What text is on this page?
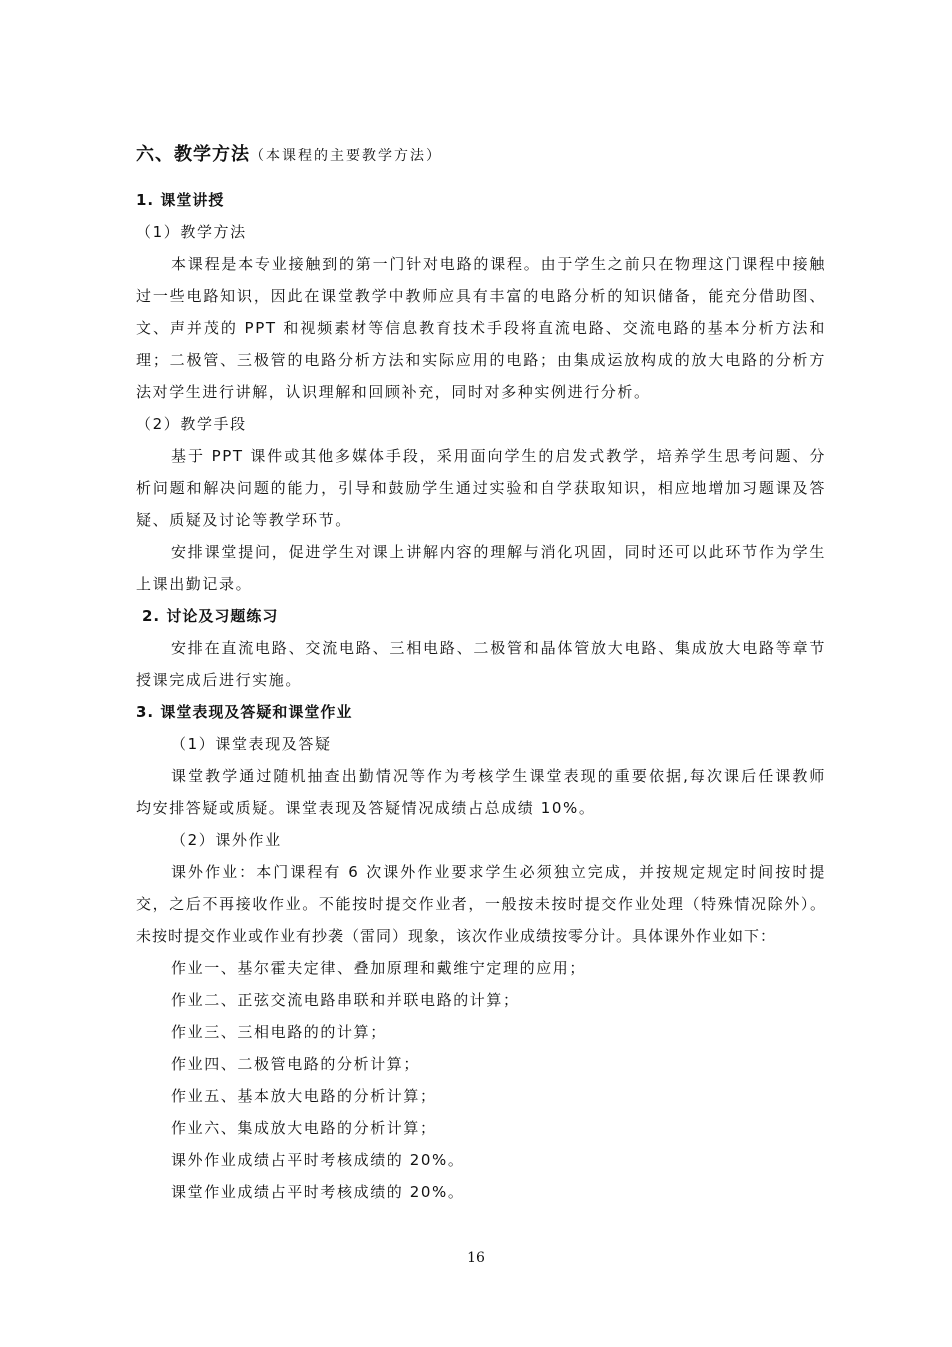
六、教学方法（本课程的主要教学方法）
1. 课堂讲授
（1）教学方法
本课程是本专业接触到的第一门针对电路的课程。由于学生之前只在物理这门课程中接触
过一些电路知识，因此在课堂教学中教师应具有丰富的电路分析的知识储备，能充分借助图、
文、声并茂的 PPT 和视频素材等信息教育技术手段将直流电路、交流电路的基本分析方法和
理；二极管、三极管的电路分析方法和实际应用的电路；由集成运放构成的放大电路的分析方
法对学生进行讲解，认识理解和回顾补充，同时对多种实例进行分析。
（2）教学手段
基于 PPT 课件或其他多媒体手段，采用面向学生的启发式教学，培养学生思考问题、分
析问题和解决问题的能力，引导和鼓励学生通过实验和自学获取知识，相应地增加习题课及答
疑、质疑及讨论等教学环节。
安排课堂提问，促进学生对课上讲解内容的理解与消化巩固，同时还可以此环节作为学生
上课出勤记录。
2. 讨论及习题练习
安排在直流电路、交流电路、三相电路、二极管和晶体管放大电路、集成放大电路等章节
授课完成后进行实施。
3. 课堂表现及答疑和课堂作业
（1）课堂表现及答疑
课堂教学通过随机抽查出勤情况等作为考核学生课堂表现的重要依据,每次课后任课教师
均安排答疑或质疑。课堂表现及答疑情况成绩占总成绩 10%。
（2）课外作业
课外作业：本门课程有 6 次课外作业要求学生必须独立完成，并按规定规定时间按时提
交，之后不再接收作业。不能按时提交作业者，一般按未按时提交作业处理（特殊情况除外）。
未按时提交作业或作业有抄袭（雷同）现象，该次作业成绩按零分计。具体课外作业如下：
作业一、基尔霍夫定律、叠加原理和戴维宁定理的应用；
作业二、正弦交流电路串联和并联电路的计算；
作业三、三相电路的的计算；
作业四、二极管电路的分析计算；
作业五、基本放大电路的分析计算；
作业六、集成放大电路的分析计算；
课外作业成绩占平时考核成绩的 20%。
课堂作业成绩占平时考核成绩的 20%。
16
